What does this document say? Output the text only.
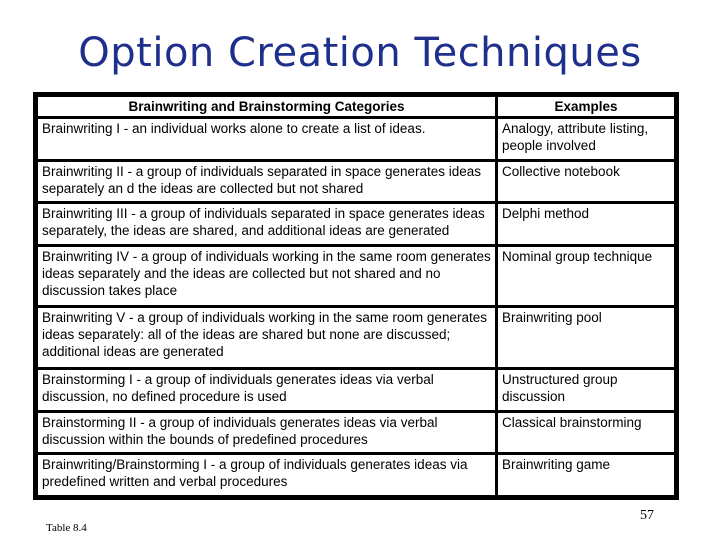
Option Creation Techniques
Brainwriting and Brainstorming Categories	Examples
Brainwriting I - an individual works alone to create a list of ideas.	Analogy, attribute listing, people involved
Brainwriting II - a group of individuals separated in space generates ideas separately an d the ideas are collected but not shared	Collective notebook
Brainwriting III - a group of individuals separated in space generates ideas separately, the ideas are shared, and additional ideas are generated	Delphi method
Brainwriting IV - a group of individuals working in the same room generates ideas separately and the ideas are collected but not shared and no discussion takes place	Nominal group technique
Brainwriting V - a group of individuals working in the same room generates ideas separately: all of the ideas are shared but none are discussed; additional ideas are generated	Brainwriting pool
Brainstorming I - a group of individuals generates ideas via verbal discussion, no defined procedure is used	Unstructured group discussion
Brainstorming II - a group of individuals generates ideas via verbal discussion within the bounds of predefined procedures	Classical brainstorming
Brainwriting/Brainstorming I - a group of individuals generates ideas via predefined written and verbal procedures	Brainwriting game
Table 8.4
57
